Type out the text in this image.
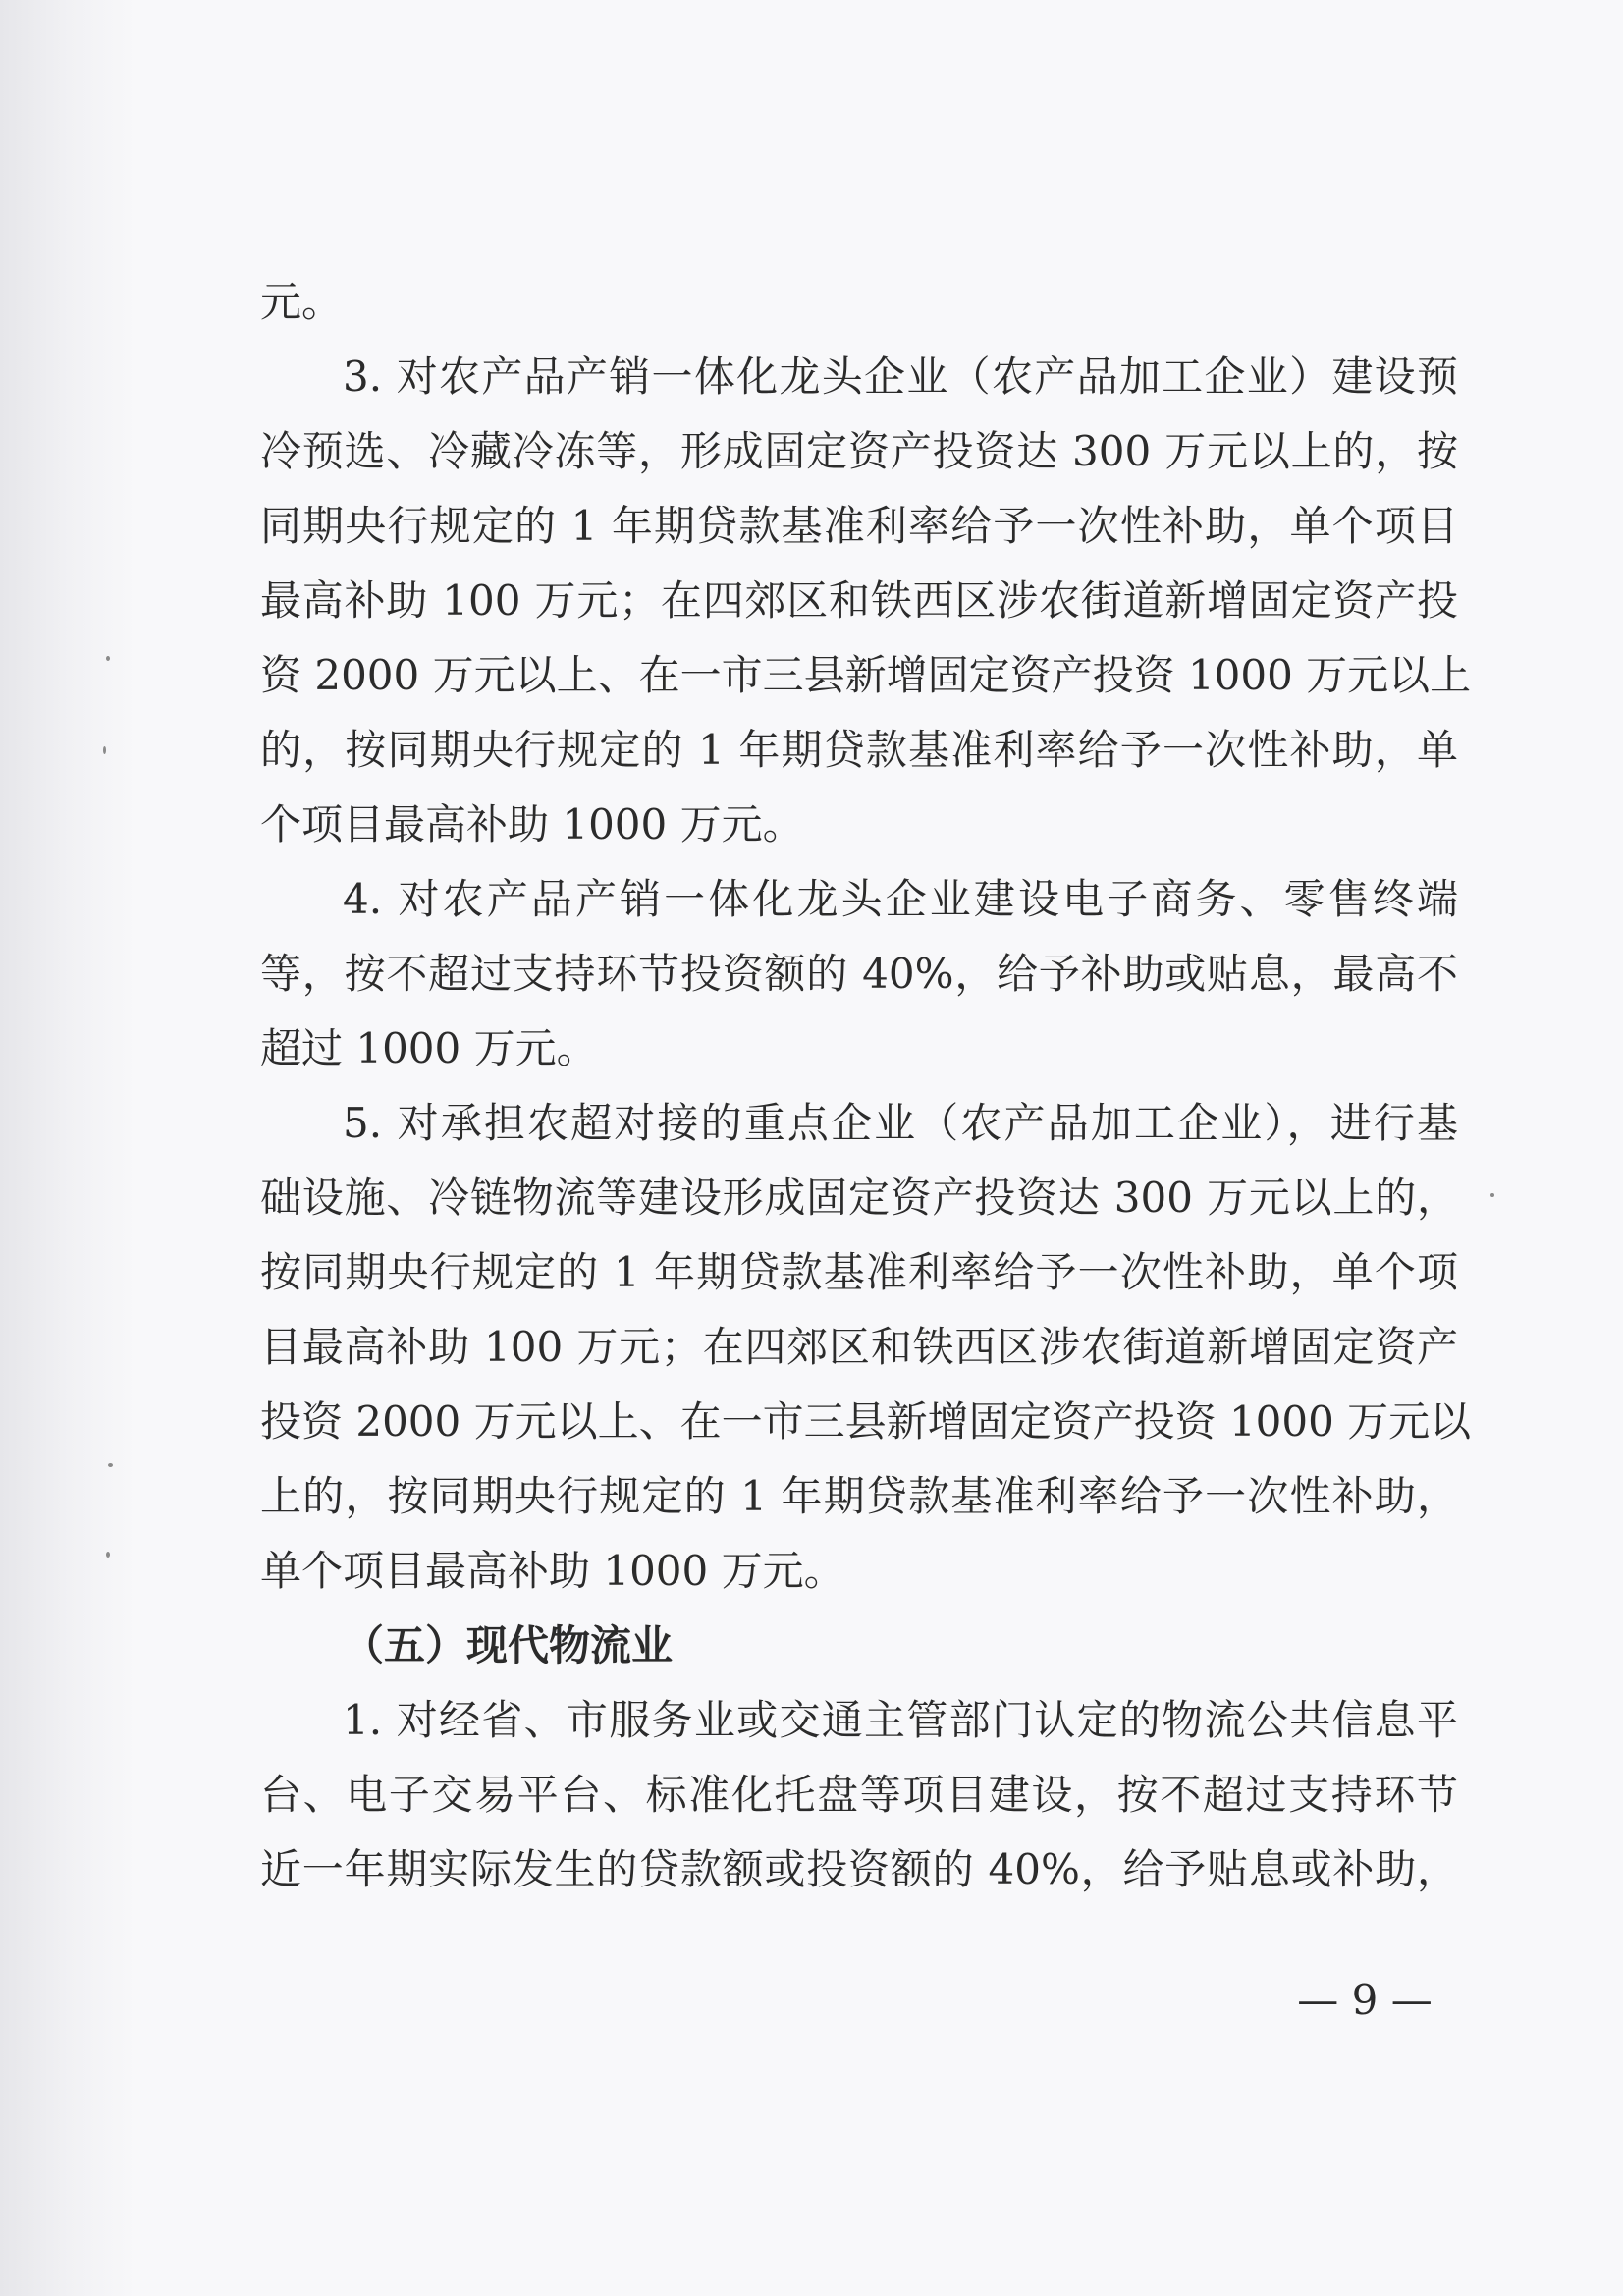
元。
3. 对农产品产销一体化龙头企业（农产品加工企业）建设预
冷预选、冷藏冷冻等，形成固定资产投资达 300 万元以上的，按
同期央行规定的 1 年期贷款基准利率给予一次性补助，单个项目
最高补助 100 万元；在四郊区和铁西区涉农街道新增固定资产投
资 2000 万元以上、在一市三县新增固定资产投资 1000 万元以上
的，按同期央行规定的 1 年期贷款基准利率给予一次性补助，单
个项目最高补助 1000 万元。
4. 对农产品产销一体化龙头企业建设电子商务、零售终端
等，按不超过支持环节投资额的 40%，给予补助或贴息，最高不
超过 1000 万元。
5. 对承担农超对接的重点企业（农产品加工企业），进行基
础设施、冷链物流等建设形成固定资产投资达 300 万元以上的，
按同期央行规定的 1 年期贷款基准利率给予一次性补助，单个项
目最高补助 100 万元；在四郊区和铁西区涉农街道新增固定资产
投资 2000 万元以上、在一市三县新增固定资产投资 1000 万元以
上的，按同期央行规定的 1 年期贷款基准利率给予一次性补助，
单个项目最高补助 1000 万元。
（五）现代物流业
1. 对经省、市服务业或交通主管部门认定的物流公共信息平
台、电子交易平台、标准化托盘等项目建设，按不超过支持环节
近一年期实际发生的贷款额或投资额的 40%，给予贴息或补助，
— 9 —
